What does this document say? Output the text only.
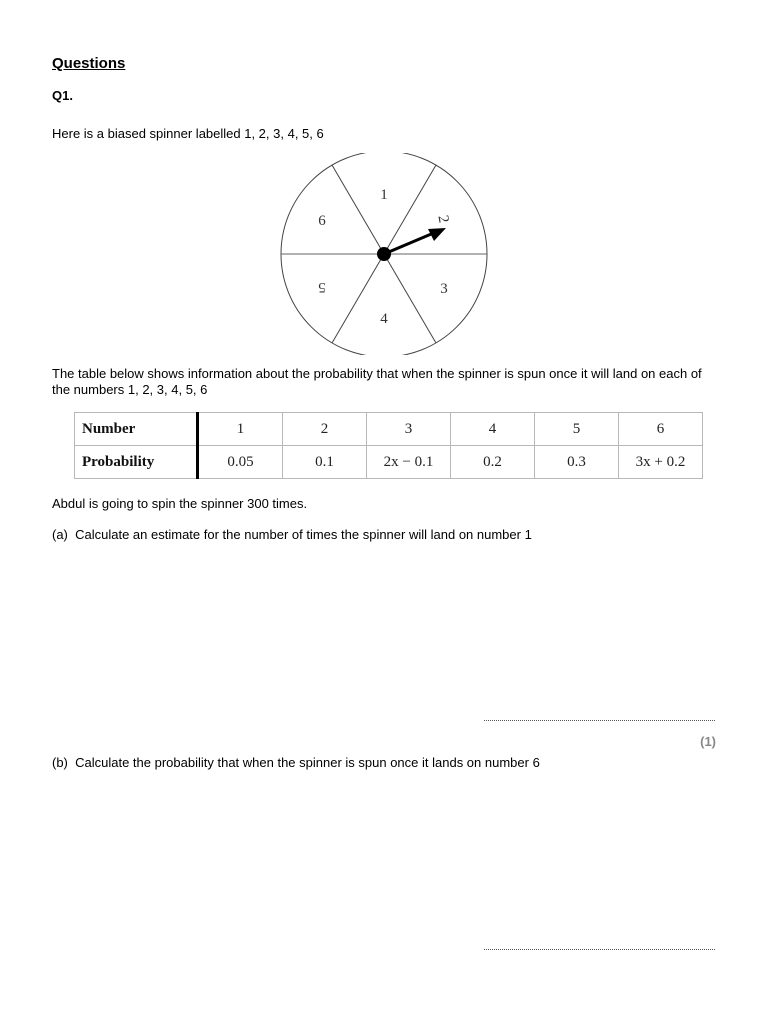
Questions
Q1.
Here is a biased spinner labelled 1, 2, 3, 4, 5, 6
1
2
3
4
5
6
The table below shows information about the probability that when the spinner is spun once it will land on each of the numbers 1, 2, 3, 4, 5, 6
Number	1	2	3	4	5	6
Probability	0.05	0.1	2x − 0.1	0.2	0.3	3x + 0.2
Abdul is going to spin the spinner 300 times.
(a) Calculate an estimate for the number of times the spinner will land on number 1
(1)
(b) Calculate the probability that when the spinner is spun once it lands on number 6
